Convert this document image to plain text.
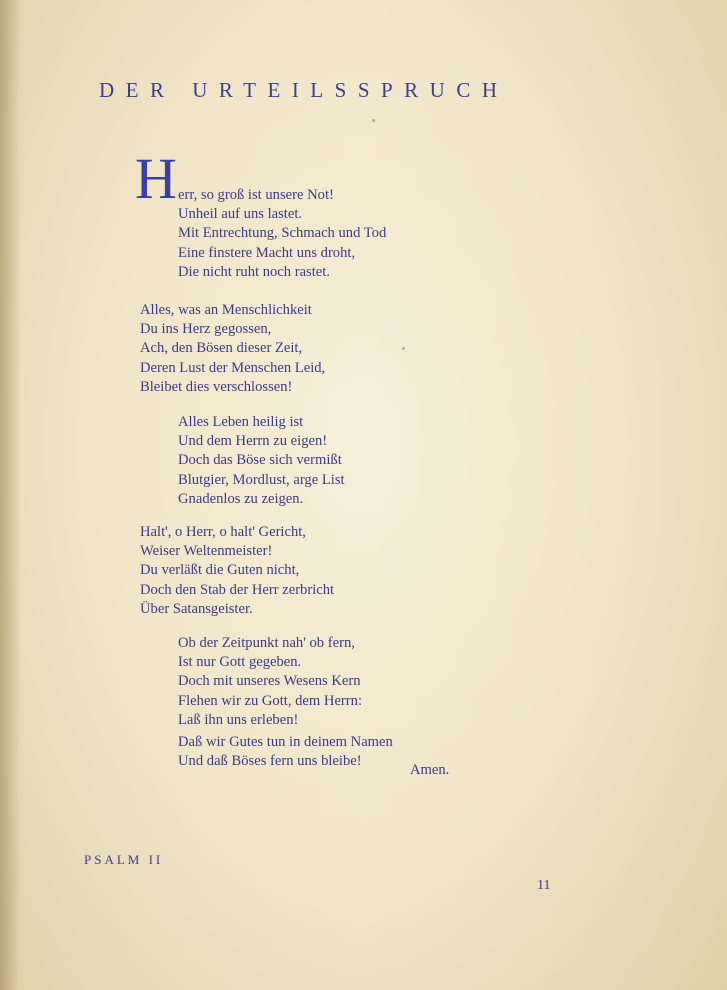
DER URTEILSSPRUCH
H err, so groß ist unsere Not!
Unheil auf uns lastet.
Mit Entrechtung, Schmach und Tod
Eine finstere Macht uns droht,
Die nicht ruht noch rastet.
Alles, was an Menschlichkeit
Du ins Herz gegossen,
Ach, den Bösen dieser Zeit,
Deren Lust der Menschen Leid,
Bleibet dies verschlossen!
Alles Leben heilig ist
Und dem Herrn zu eigen!
Doch das Böse sich vermißt
Blutgier, Mordlust, arge List
Gnadenlos zu zeigen.
Halt', o Herr, o halt' Gericht,
Weiser Weltenmeister!
Du verläßt die Guten nicht,
Doch den Stab der Herr zerbricht
Über Satansgeister.
Ob der Zeitpunkt nah' ob fern,
Ist nur Gott gegeben.
Doch mit unseres Wesens Kern
Flehen wir zu Gott, dem Herrn:
Laß ihn uns erleben!
Daß wir Gutes tun in deinem Namen
Und daß Böses fern uns bleibe!
Amen.
PSALM II
11
